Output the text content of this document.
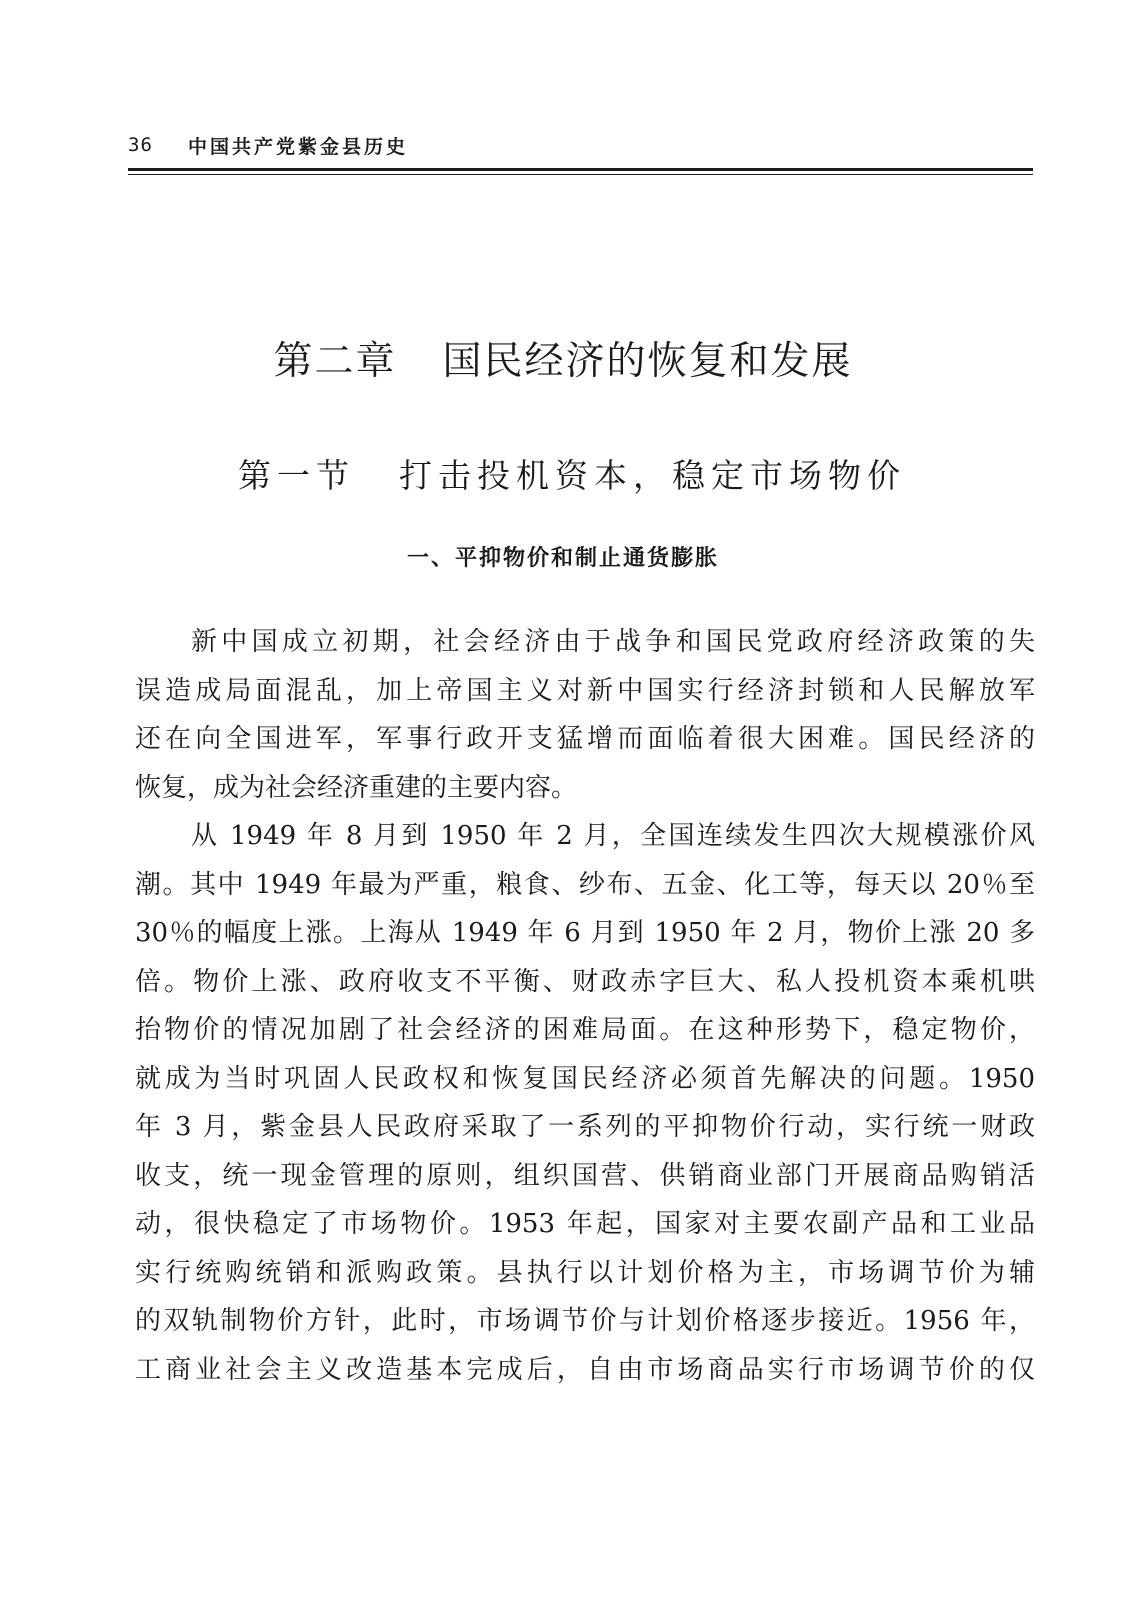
36 中国共产党紫金县历史
第二章 国民经济的恢复和发展
第一节 打击投机资本，稳定市场物价
一、平抑物价和制止通货膨胀
新中国成立初期，社会经济由于战争和国民党政府经济政策的失
误造成局面混乱，加上帝国主义对新中国实行经济封锁和人民解放军
还在向全国进军，军事行政开支猛增而面临着很大困难。国民经济的
恢复，成为社会经济重建的主要内容。
从 1949 年 8 月到 1950 年 2 月，全国连续发生四次大规模涨价风
潮。其中 1949 年最为严重，粮食、纱布、五金、化工等，每天以 20％至
30％的幅度上涨。上海从 1949 年 6 月到 1950 年 2 月，物价上涨 20 多
倍。物价上涨、政府收支不平衡、财政赤字巨大、私人投机资本乘机哄
抬物价的情况加剧了社会经济的困难局面。在这种形势下，稳定物价，
就成为当时巩固人民政权和恢复国民经济必须首先解决的问题。1950
年 3 月，紫金县人民政府采取了一系列的平抑物价行动，实行统一财政
收支，统一现金管理的原则，组织国营、供销商业部门开展商品购销活
动，很快稳定了市场物价。1953 年起，国家对主要农副产品和工业品
实行统购统销和派购政策。县执行以计划价格为主，市场调节价为辅
的双轨制物价方针，此时，市场调节价与计划价格逐步接近。1956 年，
工商业社会主义改造基本完成后，自由市场商品实行市场调节价的仅
